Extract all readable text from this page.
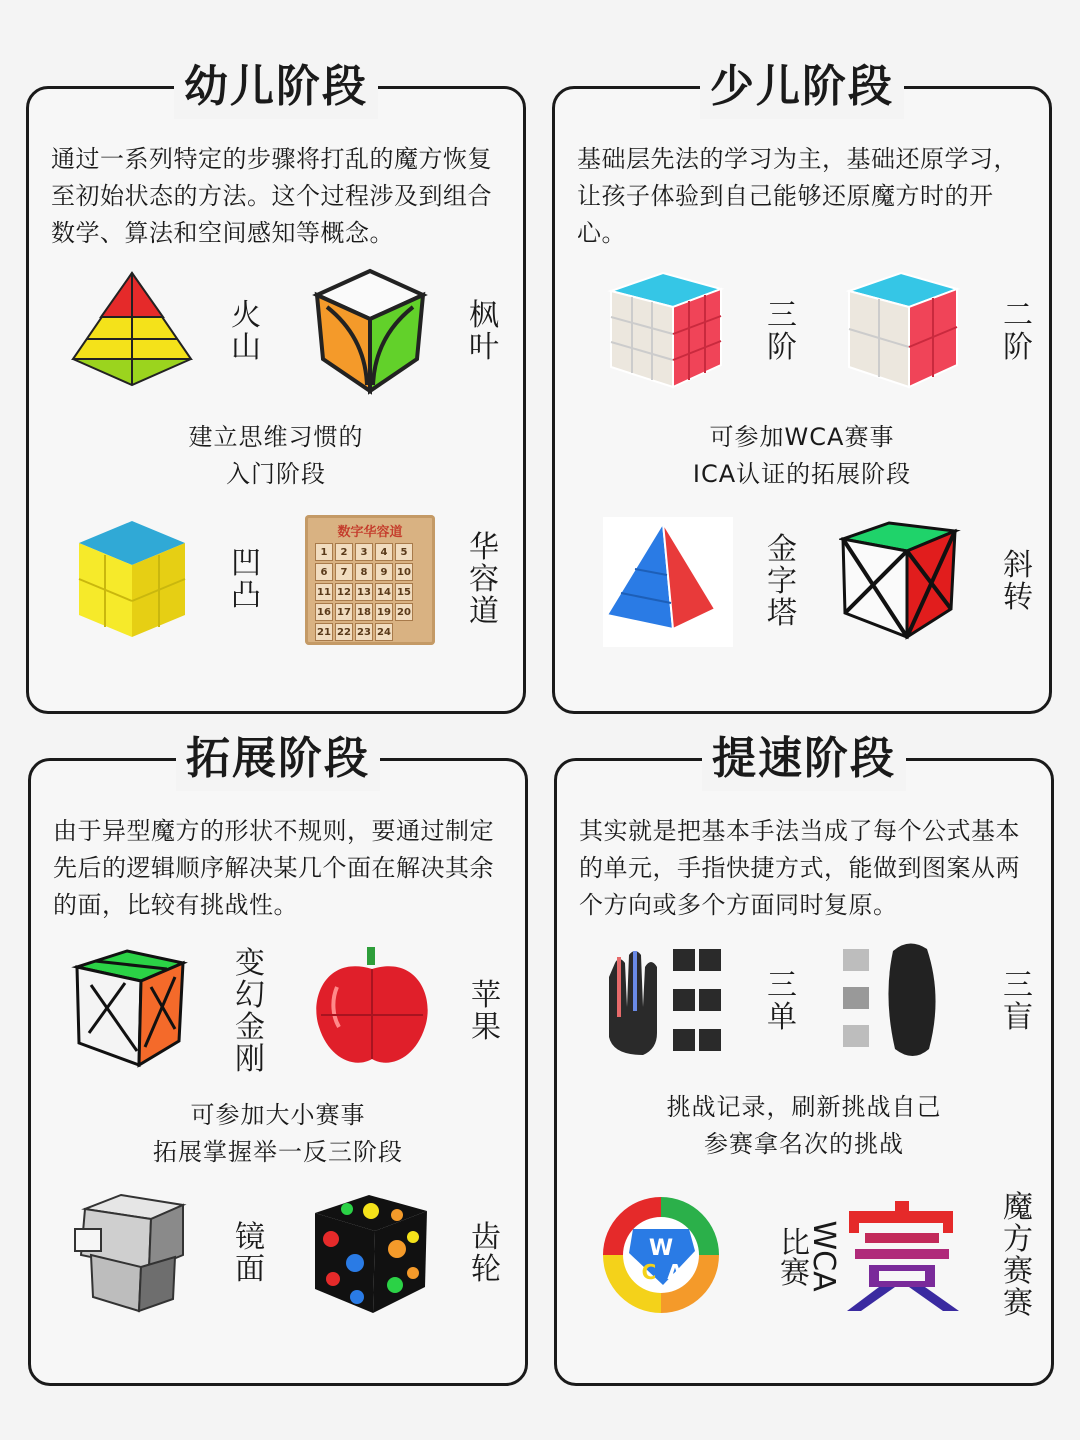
幼儿阶段
通过一系列特定的步骤将打乱的魔方恢复至初始状态的方法。这个过程涉及到组合数学、算法和空间感知等概念。
火山
枫叶
建立思维习惯的
入门阶段
凹凸
数字华容道
1	2	3	4	5
6	7	8	9 10
11 12 13 14 15
16 17 18 19 20
21 22 23 24
华容道
少儿阶段
基础层先法的学习为主，基础还原学习，让孩子体验到自己能够还原魔方时的开心。
三阶
二阶
可参加WCA赛事
ICA认证的拓展阶段
金字塔
斜转
拓展阶段
由于异型魔方的形状不规则，要通过制定先后的逻辑顺序解决某几个面在解决其余的面，比较有挑战性。
变幻金刚
苹果
可参加大小赛事
拓展掌握举一反三阶段
镜面
齿轮
提速阶段
其实就是把基本手法当成了每个公式基本的单元，手指快捷方式，能做到图案从两个方向或多个方面同时复原。
三单
三盲
挑战记录，刷新挑战自己
参赛拿名次的挑战
W
C A	WCA比赛
魔方赛赛
